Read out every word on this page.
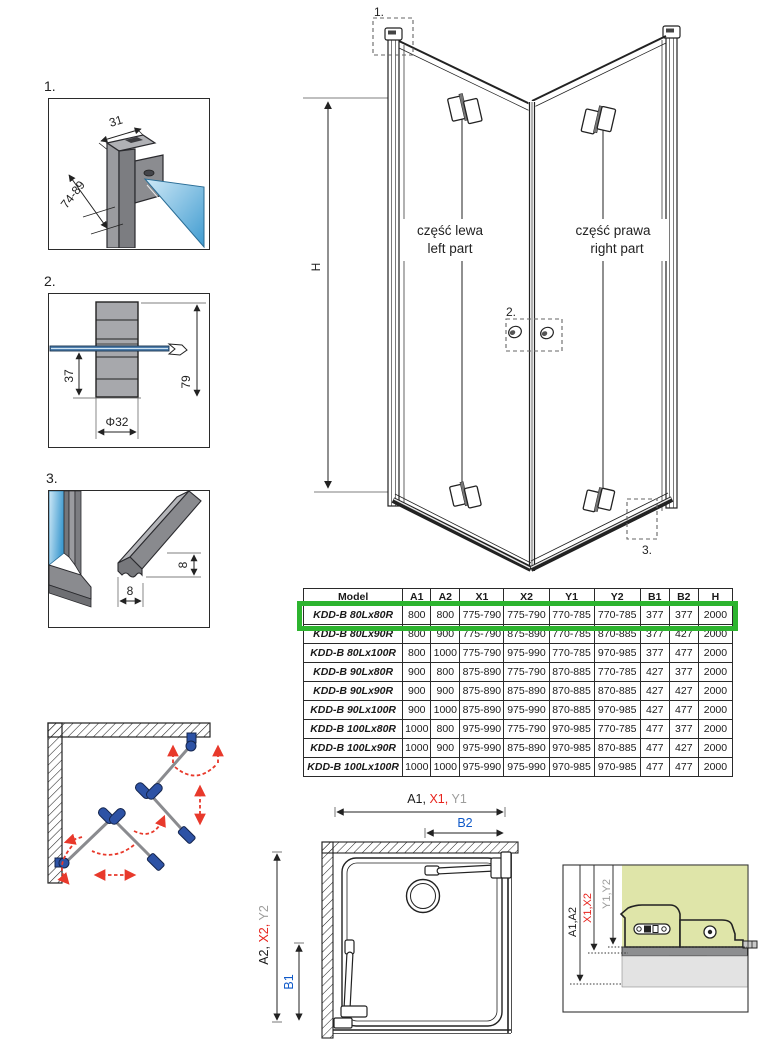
1.
31
74-89
2.
37	79
Φ32
3.
8
8
H
1.
2.
3.
część lewa
left part
część prawa
right part
Model	A1	A2	X1	X2	Y1	Y2	B1	B2	H
KDD-B 80Lx80R	800	800	775-790	775-790	770-785	770-785	377	377	2000
KDD-B 80Lx90R	800	900	775-790	875-890	770-785	870-885	377	427	2000
KDD-B 80Lx100R	800	1000	775-790	975-990	770-785	970-985	377	477	2000
KDD-B 90Lx80R	900	800	875-890	775-790	870-885	770-785	427	377	2000
KDD-B 90Lx90R	900	900	875-890	875-890	870-885	870-885	427	427	2000
KDD-B 90Lx100R	900	1000	875-890	975-990	870-885	970-985	427	477	2000
KDD-B 100Lx80R	1000	800	975-990	775-790	970-985	770-785	477	377	2000
KDD-B 100Lx90R	1000	900	975-990	875-890	970-985	870-885	477	427	2000
KDD-B 100Lx100R	1000	1000	975-990	975-990	970-985	970-985	477	477	2000
A1, X1, Y1
B2
A2, X2, Y2
B1
A1,A2 X1,X2 Y1,Y2
